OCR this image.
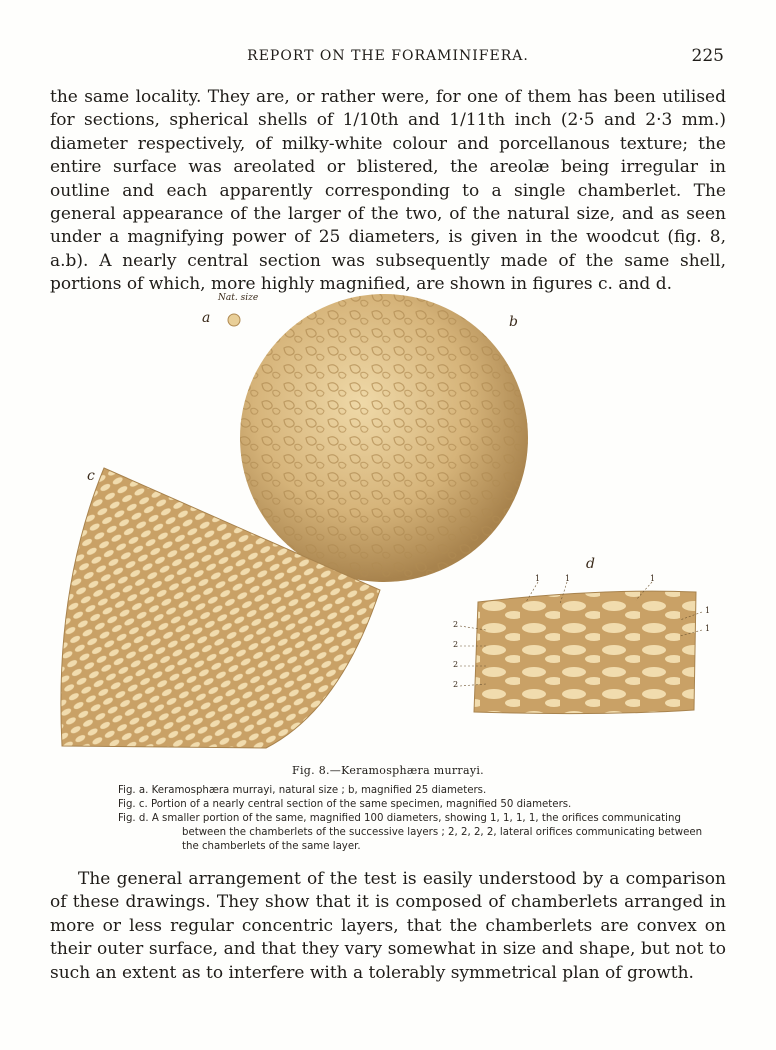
REPORT ON THE FORAMINIFERA.	225

the same locality. They are, or rather were, for one of them has been utilised for sections, spherical shells of 1/10th and 1/11th inch (2·5 and 2·3 mm.) diameter respectively, of milky-white colour and porcellanous texture; the entire surface was areolated or blistered, the areolæ being irregular in outline and each apparently corresponding to a single chamberlet. The general appearance of the larger of the two, of the natural size, and as seen under a magnifying power of 25 diameters, is given in the woodcut (fig. 8, a.b). A nearly central section was subsequently made of the same shell, portions of which, more highly magnified, are shown in figures c. and d.

Nat. size
a	b
c
d
1	1	1
1
1
2
2
2
2
Fig. 8.—Keramosphæra murrayi.

Fig. a. Keramosphæra murrayi, natural size ; b, magnified 25 diameters.

Fig. c. Portion of a nearly central section of the same specimen, magnified 50 diameters.

Fig. d. A smaller portion of the same, magnified 100 diameters, showing 1, 1, 1, 1, the orifices communicating

between the chamberlets of the successive layers ; 2, 2, 2, 2, lateral orifices communicating between

the chamberlets of the same layer.

The general arrangement of the test is easily understood by a comparison of these drawings. They show that it is composed of chamberlets arranged in more or less regular concentric layers, that the chamberlets are convex on their outer surface, and that they vary somewhat in size and shape, but not to such an extent as to interfere with a tolerably symmetrical plan of growth.
